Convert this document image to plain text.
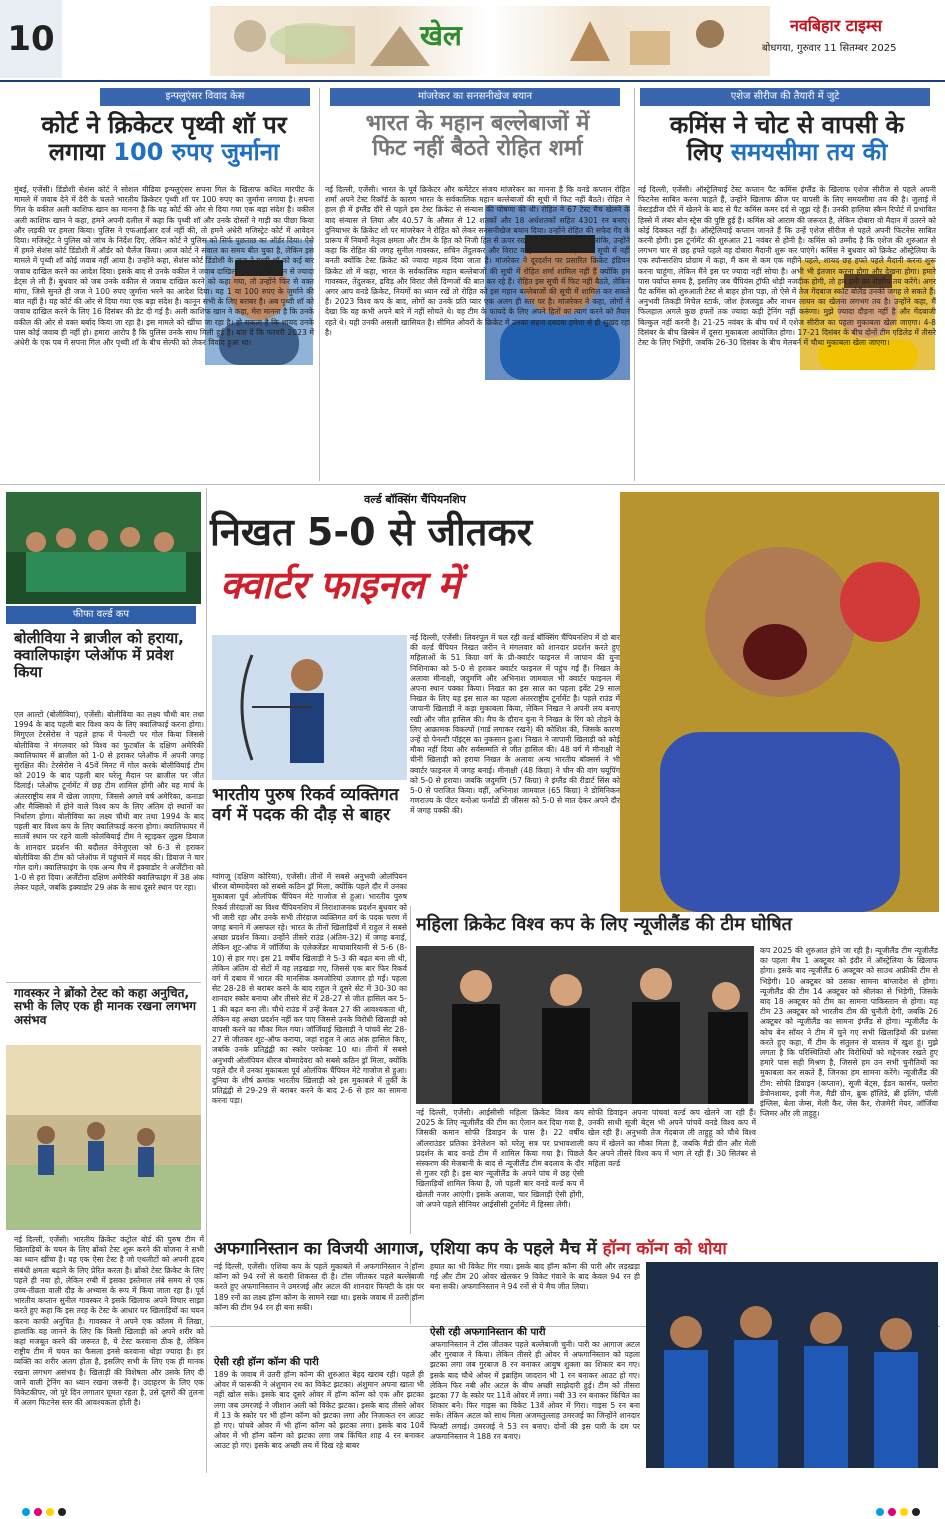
10	खेल	नवबिहार टाइम्स
बोधगया, गुरुवार 11 सितम्बर 2025
इन्फ्लुएंसर विवाद केस
कोर्ट ने क्रिकेटर पृथ्वी शॉ पर
लगाया 100 रुपए जुर्माना
मुंबई, एजेंसी। डिंडोशी सेशंस कोर्ट ने सोशल मीडिया इन्फ्लुएंसर सपना गिल के खिलाफ कथित मारपीट के मामले में जवाब देने में देरी के चलते भारतीय क्रिकेटर पृथ्वी शॉ पर 100 रुपए का जुर्माना लगाया है। सपना गिल के वकील अली काशिफ खान का मानना है कि यह कोर्ट की ओर से दिया गया एक बड़ा संदेश है। वकील अली काशिफ खान ने कहा, हमने अपनी दलील में कहा कि पृथ्वी शॉ और उनके दोस्तों ने गाड़ी का पीछा किया और लड़की पर हमला किया। पुलिस ने एफआईआर दर्ज नहीं की, तो हमने अंधेरी मजिस्ट्रेट कोर्ट में आवेदन दिया। मजिस्ट्रेट ने पुलिस को जांच के निर्देश दिए, लेकिन कोर्ट ने पुलिस को सिर्फ पूछताछ का ऑर्डर दिया। ऐसे में हमने सेशंस कोर्ट डिंडोशी में ऑर्डर को चैलेंज किया। आज कोर्ट ने सवाल का समय बीत चुका है, लेकिन इस मामले में पृथ्वी शॉ कोई जवाब नहीं आया है। उन्होंने कहा, सेशंस कोर्ट डिंडोशी के जज ने पृथ्वी शॉ को कई बार जवाब दाखिल करने का आदेश दिया। इसके बाद से उनके वकील ने जवाब दाखिल करने के लिए तीन से ज्यादा डेट्स ले ली हैं। बुधवार को जब उनके वकील से जवाब दाखिल करने को कहा गया, तो उन्होंने फिर से वक्त मांगा, जिसे सुनते ही जज ने 100 रुपए जुर्माना भरने का आदेश दिया। यह 1 या 100 रुपए के जुर्माने की बात नहीं है। यह कोर्ट की ओर से दिया गया एक बड़ा संदेश है। कानून सभी के लिए बराबर है। अब पृथ्वी शॉ को जवाब दाखिल करने के लिए 16 दिसंबर की डेट दी गई है। अली काशिफ खान ने कहा, मेरा मानना है कि उनके वकील की ओर से वक्त बर्बाद किया जा रहा है। इस मामले को खींचा जा रहा है। हो सकता है कि शायद उनके पास कोई जवाब ही नहीं हो। हमारा आरोप है कि पुलिस उनके साथ मिली हुई है। बता दें कि फरवरी 2023 में अंधेरी के एक पब में सपना गिल और पृथ्वी शॉ के बीच सेल्फी को लेकर विवाद हुआ था।
मांजरेकर का सनसनीखेज बयान
भारत के महान बल्लेबाजों में
फिट नहीं बैठते रोहित शर्मा
नई दिल्ली, एजेंसी। भारत के पूर्व क्रिकेटर और कमेंटेटर संजय मांजरेकर का मानना है कि वनडे कप्तान रोहित शर्मा अपने टेस्ट रिकॉर्ड के कारण भारत के सर्वकालिक महान बल्लेबाजों की सूची में फिट नहीं बैठते। रोहित ने हाल ही में इंग्लैंड दौरे से पहले इस टेस्ट क्रिकेट से संन्यास की घोषणा की थी। रोहित ने 67 टेस्ट मैच खेलने के बाद संन्यास ले लिया और 40.57 के औसत से 12 शतकों और 18 अर्धशतकों सहित 4301 रन बनाए। दुनियाभर के क्रिकेट शो पर मांजरेकर ने रोहित को लेकर सनसनीखेज बयान दिया। उन्होंने रोहित की सफेद गेंद के प्रारूप में नियमों नेतृत्व क्षमता और टीम के हित को निजी हित से ऊपर रखने के लिए प्रशंसा की। हालांकि, उन्होंने कहा कि रोहित की जगह सुनील गावस्कर, सचिन तेंदुलकर और विराट कोहली जैसे खिलाड़ियों की सूची में नहीं बनती क्योंकि टेस्ट क्रिकेट को ज्यादा महत्व दिया जाता है। मांजरेकर ने दूरदर्शन पर प्रसारित क्रिकेट इंडियन क्रिकेट शो में कहा, भारत के सर्वकालिक महान बल्लेबाजों की सूची में रोहित शर्मा शामिल नहीं हैं क्योंकि हम गावस्कर, तेंदुलकर, द्रविड़ और विराट जैसे दिग्गजों की बात कर रहे हैं। रोहित इस सूची में फिट नहीं बैठते, लेकिन अगर आप वनडे क्रिकेट, नियमों का ध्यान रखें तो रोहित को इस महान बल्लेबाजों की सूची में शामिल कर सकते हैं। 2023 विश्व कप के बाद, लोगों का उनके प्रति प्यार एक अलग ही स्तर पर है। मांजरेकर ने कहा, लोगों ने देखा कि वह कभी अपने बारे में नहीं सोचते थे। वह टीम के फायदे के लिए अपने हितों का त्याग करने को तैयार रहते थे। यही उनकी असली खासियत है। सीमित ओवरों के क्रिकेट में उनका सहज दबदबा हमेशा से ही सुखद रहा है।
एशेज सीरीज की तैयारी में जुटे
कमिंस ने चोट से वापसी के
लिए समयसीमा तय की
नई दिल्ली, एजेंसी। ऑस्ट्रेलियाई टेस्ट कप्तान पैट कमिंस इंग्लैंड के खिलाफ एशेज सीरीज से पहले अपनी फिटनेस साबित करना चाहते हैं, उन्होंने खिलाफ क्रीज पर वापसी के लिए समयसीमा तय की है। जुलाई में वेस्टइंडीज दौरे में खेलने के बाद से पैट कमिंस कमर दर्द से जूझ रहे हैं। उनकी हालिया स्कैन रिपोर्ट में प्रभावित हिस्से में लंबर बोन स्ट्रेस की पुष्टि हुई है। कमिंस को आराम की जरूरत है, लेकिन दोबारा वो मैदान में उतरने को कोई दिक्कत नहीं है। ऑस्ट्रेलियाई कप्तान जानते हैं कि उन्हें एशेज सीरीज से पहले अपनी फिटनेस साबित करनी होगी। इस टूर्नामेंट की शुरुआत 21 नवंबर से होनी है। कमिंस को उम्मीद है कि एशेज की शुरुआत से लगभग चार से छह हफ्ते पहले वह दोबारा मैदानी शुरू कर पाएंगे। कमिंस ने बुधवार को क्रिकेट ऑस्ट्रेलिया के एक स्पॉन्सरशिप प्रोग्राम में कहा, मैं कम से कम एक महीने पहले, शायद छह हफ्ते पहले मैदानी करना शुरू करना चाहूंगा, लेकिन मैंने इस पर ज्यादा नहीं सोचा है। अभी भी इंतजार करना होगा और देखना होगा। हमारे पास पर्याप्त समय है, इसलिए जब चैंपियंस ट्रॉफी थोड़ी नजदीक होगी, तो हम इसी का रोडमैप तय करेंगे। अगर पैट कमिंस को शुरुआती टेस्ट से बाहर होना पड़ा, तो ऐसे में तेज गेंदबाज स्कॉट बोलैंड उनकी जगह ले सकते हैं। अनुभवी तिकड़ी मिचेल स्टार्क, जोश हेजलवुड और नाथन लायन का खेलना लगभग तय है। उन्होंने कहा, मैं फिलहाल अगले कुछ हफ्तों तक ज्यादा कड़ी ट्रेनिंग नहीं करूंगा। मुझे ज्यादा दौड़ना नहीं है और गेंदबाजी बिल्कुल नहीं करनी है। 21-25 नवंबर के बीच पर्थ में एशेज सीरीज का पहला मुकाबला खेला जाएगा। 4-8 दिसंबर के बीच ब्रिस्बेन में दूसरा मुकाबला आयोजित होगा। 17-21 दिसंबर के बीच दोनों टीम एडिलेड में तीसरे टेस्ट के लिए भिड़ेंगी, जबकि 26-30 दिसंबर के बीच मेलबर्न में चौथा मुकाबला खेला जाएगा।
फीफा वर्ल्ड कप
बोलीविया ने ब्राजील को हराया, क्वालिफाइंग प्लेऑफ में प्रवेश किया
एल आल्टो (बोलीविया), एजेंसी। बोलीविया का लक्ष्य चौथी बार तथा 1994 के बाद पहली बार विश्व कप के लिए क्वालिफाई करना होगा। मिगुएल टेरसेरोस ने पहले हाफ में पेनल्टी पर गोल किया जिससे बोलीविया ने मंगलवार को विश्व का फुटबॉल के दक्षिण अमेरिकी क्वालिफायर में ब्राजील को 1-0 से हराकर प्लेऑफ में अपनी जगह सुरक्षित की। टेरसेरोस ने 45वें मिनट में गोल करके बोलीवियाई टीम को 2019 के बाद पहली बार घरेलू मैदान पर ब्राजील पर जीत दिलाई। प्लेऑफ टूर्नामेंट में छह टीम शामिल होंगी और यह मार्च के अंतरराष्ट्रीय सत्र में खेला जाएगा, जिससे अगले वर्ष अमेरिका, कनाडा और मैक्सिको में होने वाले विश्व कप के लिए अंतिम दो स्थानों का निर्धारण होगा। बोलीविया का लक्ष्य चौथी बार तथा 1994 के बाद पहली बार विश्व कप के लिए क्वालिफाई करना होगा। क्वालिफायर में सातवें स्थान पर रहने वाली कोलंबियाई टीम ने स्ट्राइकर लुइस डियाज के शानदार प्रदर्शन की बदौलत वेनेजुएला को 6-3 से हराकर बोलीविया की टीम को प्लेऑफ में पहुंचाने में मदद की। डियाज ने चार गोल दागे। क्वालिफाइंग के एक अन्य मैच में इक्वाडोर ने अर्जेंटीना को 1-0 से हरा दिया। अर्जेंटीना दक्षिण अमेरिकी क्वालिफाइंग में 38 अंक लेकर पहले, जबकि इक्वाडोर 29 अंक के साथ दूसरे स्थान पर रहा।
गावस्कर ने ब्रोंको टेस्ट को कहा अनुचित, सभी के लिए एक ही मानक रखना लगभग असंभव
नई दिल्ली, एजेंसी। भारतीय क्रिकेट कंट्रोल बोर्ड की पुरुष टीम में खिलाड़ियों के चयन के लिए ब्रोंको टेस्ट शुरू करने की योजना ने सभी का ध्यान खींचा है। यह एक ऐसा टेस्ट है जो एथलीटों को अपनी हृदय संबंधी क्षमता बढ़ाने के लिए प्रेरित करता है। ब्रोंको टेस्ट क्रिकेट के लिए पहले ही नया हो, लेकिन रग्बी में इसका इस्तेमाल लंबे समय से एक उच्च-तीव्रता वाली दौड़ के अभ्यास के रूप में किया जाता रहा है। पूर्व भारतीय कप्तान सुनील गावस्कर ने इसके खिलाफ अपने विचार साझा करते हुए कहा कि इस तरह के टेस्ट के आधार पर खिलाड़ियों का चयन करना काफी अनुचित है। गावस्कर ने अपने एक कॉलम में लिखा, हालांकि यह जानने के लिए कि किसी खिलाड़ी को अपने शरीर को कहां मजबूत करने की जरूरत है, ये टेस्ट करवाना ठीक है, लेकिन राष्ट्रीय टीम में चयन का फैसला इनसे करवाना थोड़ा ज्यादा है। हर व्यक्ति का शरीर अलग होता है, इसलिए सभी के लिए एक ही मानक रखना लगभग असंभव है। खिलाड़ी की विशेषता और उसके लिए दी जाने वाली ट्रेनिंग का ध्यान रखना जरूरी है। उदाहरण के लिए एक विकेटकीपर, जो पूरे दिन लगातार घूमता रहता है, उसे दूसरों की तुलना में अलग फिटनेस स्तर की आवश्यकता होती है।
वर्ल्ड बॉक्सिंग चैंपियनशिप
निखत 5-0 से जीतकर
क्वार्टर फाइनल में
नई दिल्ली, एजेंसी। लिवरपूल में चल रही वर्ल्ड बॉक्सिंग चैंपियनशिप में दो बार की वर्ल्ड चैंपियन निखत जरीन ने मंगलवार को शानदार प्रदर्शन करते हुए महिलाओं के 51 किग्रा वर्ग के प्री-क्वार्टर फाइनल में जापान की युना निशिनाका को 5-0 से हराकर क्वार्टर फाइनल में पहुंच गईं हैं। निखत के अलावा मीनाक्षी, जदुमणि और अभिनाश जामवाल भी क्वार्टर फाइनल में अपना स्थान पक्का किया। निखत का इस साल का पहला इवेंट 29 साल निखत के लिए यह इस साल का पहला अंतरराष्ट्रीय टूर्नामेंट है। पहले राउंड में जापानी खिलाड़ी ने कड़ा मुकाबला किया, लेकिन निखत ने अपनी लय बनाए रखी और जीत हासिल की। मैच के दौरान युना ने निखत के रिंग को तोड़ने के लिए आक्रामक विकल्पों (गार्ड लगाकर रखने) की कोशिश की, जिसके कारण उन्हें दो पेनल्टी पॉइंट्स का नुकसान हुआ। निखत ने जापानी खिलाड़ी को कोई मौका नहीं दिया और सर्वसम्मति से जीत हासिल की। 48 वर्ग में मीनाक्षी ने चीनी खिलाड़ी को हराया निखत के अलावा अन्य भारतीय बॉक्सर्स ने भी क्वार्टर फाइनल में जगह बनाई। मीनाक्षी (48 किग्रा) ने चीन की वांग चयूपिंग को 5-0 से हराया। जबकि जदुमणि (57 किग्रा) ने इंग्लैंड की रीडार्ट सिंस को 5-0 से पराजित किया। वहीं, अभिनाश जामवाल (65 किग्रा) ने डोमिनिकन गणराज्य के पीटर यनोआ फर्नांडो डी जीसस को 5-0 से मात देकर अपने दौर में जगह पक्की की।
भारतीय पुरुष रिकर्व व्यक्तिगत वर्ग में पदक की दौड़ से बाहर
ग्वांगजू (दक्षिण कोरिया), एजेंसी। तीनों में सबसे अनुभवी ओलंपियन धीरज बोम्मादेवरा को सबसे कठिन ड्रॉ मिला, क्योंकि पहले दौर में उनका मुकाबला पूर्व ओलंपिक चैंपियन मेटे गाजोज से हुआ। भारतीय पुरुष रिकर्व तीरंदाजों का विश्व चैंपियनशिप में निराशाजनक प्रदर्शन बुधवार को भी जारी रहा और उनके सभी तीरंदाज व्यक्तिगत वर्ग के पदक चरण में जगह बनाने में असफल रहे। भारत के तीनों खिलाड़ियों में राहुल ने सबसे अच्छा प्रदर्शन किया। उन्होंने तीसरे राउंड (अंतिम-32) में जगह बनाई, लेकिन शूट-ऑफ में जॉर्जिया के एलेक्जेंडर माचावारियानी से 5-6 (8-10) से हार गए। इस 21 वर्षीय खिलाड़ी ने 5-3 की बढ़त बना ली थी, लेकिन अंतिम दो सेटों में वह लड़खड़ा गए, जिससे एक बार फिर रिकर्व वर्ग में दबाव में भारत की मानसिक कमजोरियां उजागर हो गईं। पहला सेट 28-28 से बराबर करने के बाद राहुल ने दूसरे सेट में 30-30 का शानदार स्कोर बनाया और तीसरे सेट में 28-27 से जीत हासिल कर 5-1 की बढ़त बना ली। चौथे राउंड में उन्हें केवल 27 की आवश्यकता थी, लेकिन वह अच्छा प्रदर्शन नहीं कर पाए जिससे उनके विरोधी खिलाड़ी को वापसी करने का मौका मिल गया। जॉर्जियाई खिलाड़ी ने पांचवें सेट 28-27 से जीतकर शूट-ऑफ कराया, जहां राहुल ने आठ अंक हासिल किए, जबकि उनके प्रतिद्वंद्वी का स्कोर परफेक्ट 10 था। तीनों में सबसे अनुभवी ओलंपियन धीरज बोम्मादेवरा को सबसे कठिन ड्रॉ मिला, क्योंकि पहले दौर में उनका मुकाबला पूर्व ओलंपिक चैंपियन मेटे गाजोज से हुआ। दुनिया के शीर्ष क्रमांक भारतीय खिलाड़ी को इस मुकाबले में तुर्की के प्रतिद्वंद्वी से 29-29 से बराबर करने के बाद 2-6 से हार का सामना करना पड़ा।
महिला क्रिकेट विश्व कप के लिए न्यूजीलैंड की टीम घोषित
कप 2025 की शुरुआत होने जा रही है। न्यूजीलैंड टीम न्यूजीलैंड का पहला मैच 1 अक्टूबर को इंदौर में ऑस्ट्रेलिया के खिलाफ होगा। इसके बाद न्यूजीलैंड 6 अक्टूबर को साउथ अफ्रीकी टीम से भिड़ेगी। 10 अक्टूबर को उसका सामना बांग्लादेश से होगा। न्यूजीलैंड की टीम 14 अक्टूबर को श्रीलंका से भिड़ेगी, जिसके बाद 18 अक्टूबर को टीम का सामना पाकिस्तान से होगा। यह टीम 23 अक्टूबर को भारतीय टीम की चुनौती देगी, जबकि 26 अक्टूबर को न्यूजीलैंड का सामना इंग्लैंड से होगा। न्यूजीलैंड के कोच बेन सॉयर ने टीम में चुने गए सभी खिलाड़ियों की प्रशंसा करते हुए कहा, मैं टीम के संतुलन से वास्तव में खुश हूं। मुझे लगता है कि परिस्थितियों और विरोधियों को मद्देनजर रखते हुए हमारे पास सही मिश्रण है, जिससे हम उन सभी चुनौतियों का मुकाबला कर सकते हैं, जिनका हम सामना करेंगे। न्यूजीलैंड की टीम: सोफी डिवाइन (कप्तान), सूजी बेट्स, ईडन कार्सन, फ्लोरा डेवोनशायर, इजी गेज, मैडी ग्रीन, ब्रुक हॉलिडे, ब्री इलिंग, पॉली इंग्लिस, बेला जेम्स, मेली कैर, जेस कैर, रोजमेरी मेयर, जॉर्जिया प्लिमर और ली ताहुहू।
नई दिल्ली, एजेंसी। आईसीसी महिला क्रिकेट विश्व कप 2025 के लिए न्यूजीलैंड की टीम का ऐलान कर दिया गया है, जिसकी कमान सोफी डिवाइन के पास है। 22 वर्षीय ऑलराउंडर प्रतिका डेनेलेशन को घरेलू सत्र पर प्रभावशाली प्रदर्शन के बाद वनडे टीम में शामिल किया गया है। पिछले संस्करण की मेजबानी के बाद से न्यूजीलैंड टीम बदलाव के दौर से गुजर रही है। इस बार न्यूजीलैंड के अपने पांच में छह ऐसी खिलाड़ियों शामिल किया है, जो पहली बार वनडे वर्ल्ड कप में खेलती नजर आएंगी। इसके अलावा, चार खिलाड़ी ऐसी होंगी, जो अपने पहले सीनियर आईसीसी टूर्नामेंट में हिस्सा लेंगी।
सोफी डिवाइन अपना पांचवां वर्ल्ड कप खेलने जा रही हैं। उनकी साथी सूजी बेट्स भी अपने पांचवें वनडे विश्व कप में खेल रही हैं। अनुभवी तेज गेंदबाज ली ताहुहू को चौथे विश्व कप में खेलने का मौका मिला है, जबकि मैडी ग्रीन और मेली कैर अपने तीसरे विश्व कप में भाग ले रही हैं। 30 सितंबर से महिला वर्ल्ड
अफगानिस्तान का विजयी आगाज, एशिया कप के पहले मैच में हॉन्ग कॉन्ग को धोया
नई दिल्ली, एजेंसी। एशिया कप के पहले मुकाबले में अफगानिस्तान ने हॉन्ग कॉन्ग को 94 रनों से करारी शिकस्त दी है। टॉस जीतकर पहले बल्लेबाजी करते हुए अफगानिस्तान ने उमरजई और अटल की शानदार फिफ्टी के दम पर 189 रनों का लक्ष्य हॉन्ग कॉन्ग के सामने रखा था। इसके जवाब में उतरी हॉन्ग कॉन्ग की टीम 94 रन ही बना सकी।
ऐसी रही हॉन्ग कॉन्ग की पारी
189 के जवाब में उतरी हॉन्ग कॉन्ग की शुरुआत बेहद खराब रही। पहले ही ओवर में फारूकी ने अंशुमान रथ का विकेट झटका। अंशुमान अपना खाता भी नहीं खोल सके। इसके बाद दूसरे ओवर में हॉन्ग कॉन्ग को एक और झटका लगा जब उमरजई ने जीशान अली को विकेट झटका। इसके बाद तीसरे ओवर में 13 के स्कोर पर भी हॉन्ग कॉन्ग को झटका लगा और निजाकत रन आउट हो गए। पांचवे ओवर में भी हॉन्ग कॉन्ग को झटका लगा। इसके बाद 10वें ओवर में भी हॉन्ग कॉन्ग को झटका लगा जब किंचित शाह 4 रन बनाकर आउट हो गए। इसके बाद अच्छी लय में दिख रहे बाबर
हयात का भी विकेट गिर गया। इसके बाद हॉन्ग कॉन्ग की पारी और लड़खड़ा गई और टीम 20 ओवर खेलकर 9 विकेट गंवाने के बाद केवल 94 रन ही बना सकी। अफगानिस्तान ने 94 रनों से ये मैच जीत लिया।
ऐसी रही अफगानिस्तान की पारी
अफगानिस्तान ने टॉस जीतकर पहले बल्लेबाजी चुनी। पारी का आगाज अटल और गुरबाज ने किया। लेकिन तीसरे ही ओवर में अफगानिस्तान को पहला झटका लगा जब गुरबाज 8 रन बनाकर आयुष शुक्ला का शिकार बन गए। इसके बाद चौथे ओवर में इब्राहिम जादरान भी 1 रन बनाकर आउट हो गए। लेकिन फिर नबी और अटल के बीच अच्छी साझेदारी हुई। टीम को तीसरा झटका 77 के स्कोर पर 11वें ओवर में लगा। नबी 33 रन बनाकर किंचित का शिकार बने। फिर गाइस का विकेट 13वें ओवर में गिरा। गाइस 5 रन बना सके। लेकिन अटल को साथ मिला अजमतुल्लाह उमरजई का जिन्होंने शानदार फिफ्टी लगाई। उमरजई ने 53 रन बनाए। दोनों की इस पारी के दम पर अफगानिस्तान ने 188 रन बनाए।
